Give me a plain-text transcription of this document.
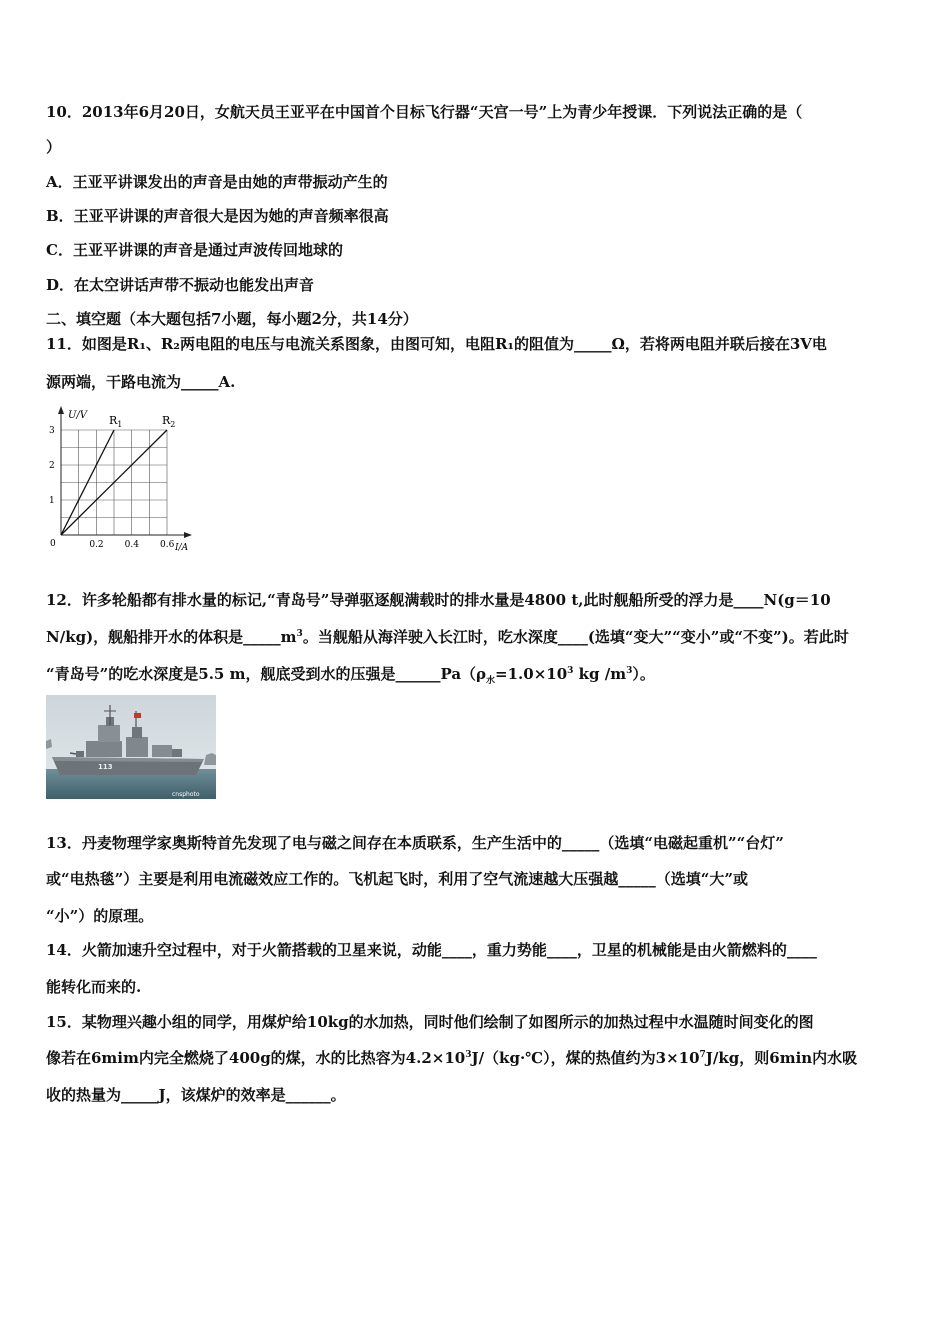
10．2013年6月20日，女航天员王亚平在中国首个目标飞行器“天宫一号”上为青少年授课．下列说法正确的是（
）
A．王亚平讲课发出的声音是由她的声带振动产生的
B．王亚平讲课的声音很大是因为她的声音频率很高
C．王亚平讲课的声音是通过声波传回地球的
D．在太空讲话声带不振动也能发出声音
二、填空题（本大题包括7小题，每小题2分，共14分）
11．如图是R₁、R₂两电阻的电压与电流关系图象，由图可知，电阻R₁的阻值为_____Ω，若将两电阻并联后接在3V电
源两端，干路电流为_____A.
0.2 0.4 0.6
1
2
3
0
U/V
I/A
$R_1$	$R_2$
12．许多轮船都有排水量的标记,“青岛号”导弹驱逐舰满载时的排水量是4800 t,此时舰船所受的浮力是____N(g＝10
N/kg)，舰船排开水的体积是$\_\_\_\_\_m^3$。当舰船从海洋驶入长江时，吃水深度____(选填“变大”“变小”或“不变”)。若此时
“青岛号”的吃水深度是5.5 m，舰底受到水的压强是$\_\_\_\_\_\_Pa(\rho_水=1.0\times 10^3$ kg $/m^3$）。
113
cnsphoto
13．丹麦物理学家奥斯特首先发现了电与磁之间存在本质联系，生产生活中的_____（选填“电磁起重机”“台灯”
或“电热毯”）主要是利用电流磁效应工作的。飞机起飞时，利用了空气流速越大压强越_____（选填“大”或
“小”）的原理。
14．火箭加速升空过程中，对于火箭搭载的卫星来说，动能____，重力势能____，卫星的机械能是由火箭燃料的____
能转化而来的.
15．某物理兴趣小组的同学，用煤炉给10kg的水加热，同时他们绘制了如图所示的加热过程中水温随时间变化的图
像若在6mim内完全燃烧了400g的煤，水的比热容为$4.2\times 10^3J/(kg\cdot℃)$，煤的热值约为$3\times 10^7J/kg$，则6min内水吸
收的热量为_____J，该煤炉的效率是______。
